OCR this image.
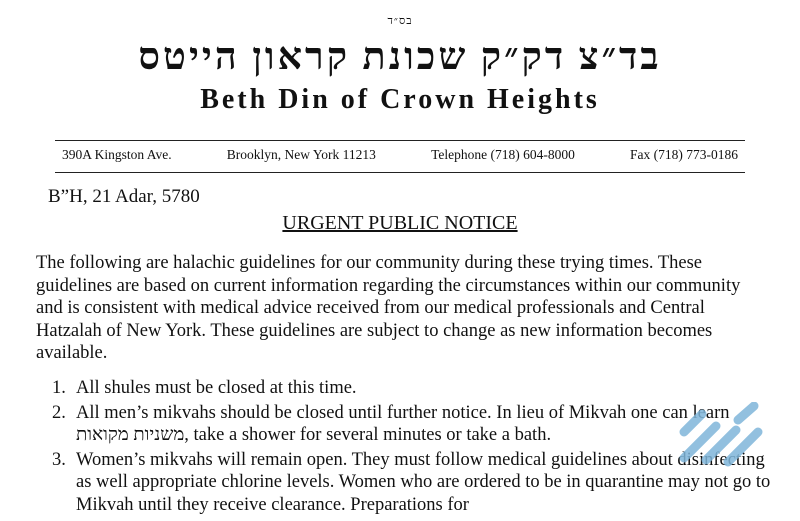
בס״ד
בד״צ דק״ק שכונת קראון הייטס
Beth Din of Crown Heights
390A Kingston Ave.	Brooklyn, New York 11213	Telephone (718) 604-8000	Fax (718) 773-0186
B”H, 21 Adar, 5780
URGENT PUBLIC NOTICE

The following are halachic guidelines for our community during these trying times. These guidelines are based on current information regarding the circumstances within our community and is consistent with medical advice received from our medical professionals and Central Hatzalah of New York. These guidelines are subject to change as new information becomes available.

1. All shules must be closed at this time.
2. All men’s mikvahs should be closed until further notice. In lieu of Mikvah one can learn משניות מקואות, take a shower for several minutes or take a bath.
3. Women’s mikvahs will remain open. They must follow medical guidelines about disinfecting as well appropriate chlorine levels. Women who are ordered to be in quarantine may not go to Mikvah until they receive clearance. Preparations for
